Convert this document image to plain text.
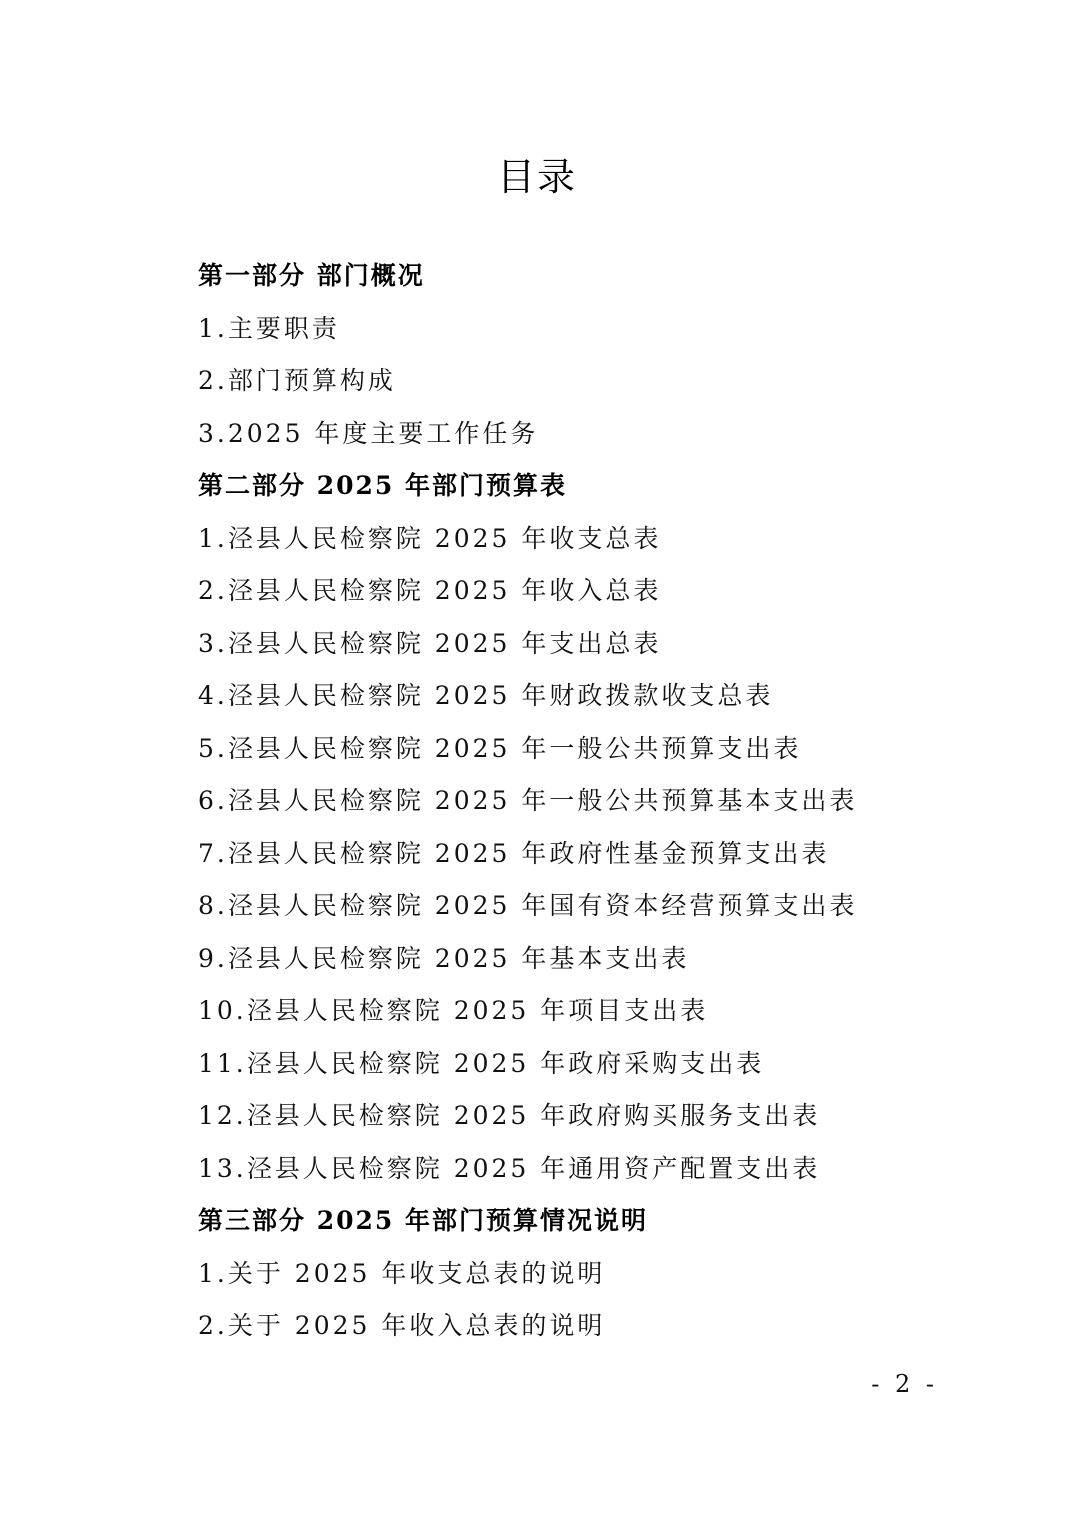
目录
第一部分 部门概况
1.主要职责
2.部门预算构成
3.2025 年度主要工作任务
第二部分 2025 年部门预算表
1.泾县人民检察院 2025 年收支总表
2.泾县人民检察院 2025 年收入总表
3.泾县人民检察院 2025 年支出总表
4.泾县人民检察院 2025 年财政拨款收支总表
5.泾县人民检察院 2025 年一般公共预算支出表
6.泾县人民检察院 2025 年一般公共预算基本支出表
7.泾县人民检察院 2025 年政府性基金预算支出表
8.泾县人民检察院 2025 年国有资本经营预算支出表
9.泾县人民检察院 2025 年基本支出表
10.泾县人民检察院 2025 年项目支出表
11.泾县人民检察院 2025 年政府采购支出表
12.泾县人民检察院 2025 年政府购买服务支出表
13.泾县人民检察院 2025 年通用资产配置支出表
第三部分 2025 年部门预算情况说明
1.关于 2025 年收支总表的说明
2.关于 2025 年收入总表的说明
- 2 -
